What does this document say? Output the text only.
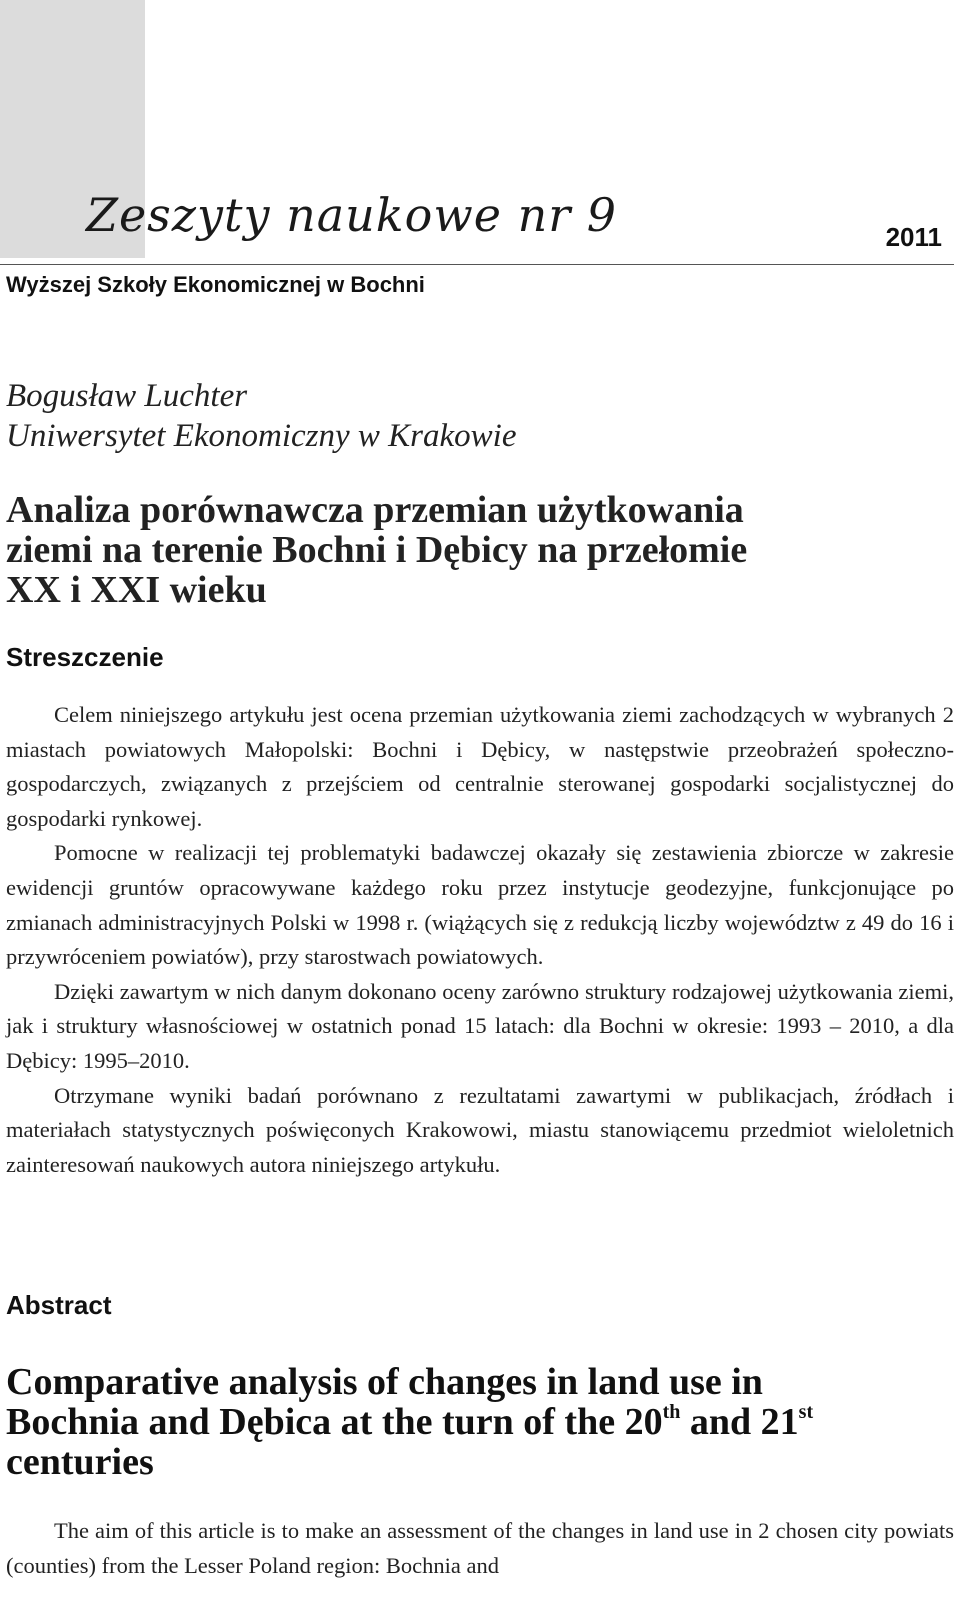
Zeszyty naukowe nr 9	2011
Wyższej Szkoły Ekonomicznej w Bochni
Bogusław Luchter
Uniwersytet Ekonomiczny w Krakowie
Analiza porównawcza przemian użytkowania
ziemi na terenie Bochni i Dębicy na przełomie
XX i XXI wieku
Streszczenie

Celem niniejszego artykułu jest ocena przemian użytkowania ziemi zachodzących w wybranych 2 miastach powiatowych Małopolski: Bochni i Dębicy, w następstwie przeobrażeń społeczno-gospodarczych, związanych z przejściem od centralnie sterowanej gospodarki socjalistycznej do gospodarki rynkowej.

Pomocne w realizacji tej problematyki badawczej okazały się zestawienia zbiorcze w zakresie ewidencji gruntów opracowywane każdego roku przez instytucje geodezyjne, funkcjonujące po zmianach administracyjnych Polski w 1998 r. (wiążących się z redukcją liczby województw z 49 do 16 i przywróceniem powiatów), przy starostwach powiatowych.

Dzięki zawartym w nich danym dokonano oceny zarówno struktury rodzajowej użytkowania ziemi, jak i struktury własnościowej w ostatnich ponad 15 latach: dla Bochni w okresie: 1993 – 2010, a dla Dębicy: 1995–2010.

Otrzymane wyniki badań porównano z rezultatami zawartymi w publikacjach, źródłach i materiałach statystycznych poświęconych Krakowowi, miastu stanowiącemu przedmiot wieloletnich zainteresowań naukowych autora niniejszego artykułu.

Abstract
Comparative analysis of changes in land use in
Bochnia and Dębica at the turn of the 20th and 21st
centuries

The aim of this article is to make an assessment of the changes in land use in 2 chosen city powiats (counties) from the Lesser Poland region: Bochnia and
